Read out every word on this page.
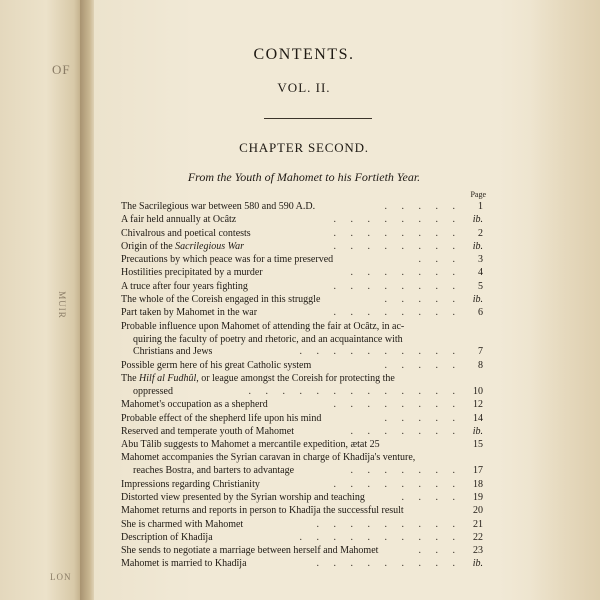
OF
MUIR
LON
CONTENTS.
VOL. II.
CHAPTER SECOND.
From the Youth of Mahomet to his Fortieth Year.
Page
The Sacrilegious war between 580 and 590 A.D.	. . . . .	1
A fair held annually at Ocâtz	. . . . . . . .	ib.
Chivalrous and poetical contests	. . . . . . . .	2
Origin of the Sacrilegious War	. . . . . . . .	ib.
Precautions by which peace was for a time preserved	. . .	3
Hostilities precipitated by a murder	. . . . . . .	4
A truce after four years fighting	. . . . . . . .	5
The whole of the Coreish engaged in this struggle	. . . . .	ib.
Part taken by Mahomet in the war	. . . . . . . .	6
Probable influence upon Mahomet of attending the fair at Ocâtz, in ac-
quiring the faculty of poetry and rhetoric, and an acquaintance with
Christians and Jews	. . . . . . . . . .	7
Possible germ here of his great Catholic system	. . . . .	8
The Hilf al Fudhûl, or league amongst the Coreish for protecting the
oppressed	. . . . . . . . . . . . .	10
Mahomet's occupation as a shepherd	. . . . . . . .	12
Probable effect of the shepherd life upon his mind	. . . . .	14
Reserved and temperate youth of Mahomet	. . . . . . .	ib.
Abu Tâlib suggests to Mahomet a mercantile expedition, ætat 25	15
Mahomet accompanies the Syrian caravan in charge of Khadîja's venture,
reaches Bostra, and barters to advantage	. . . . . . .	17
Impressions regarding Christianity	. . . . . . . .	18
Distorted view presented by the Syrian worship and teaching	. . . .	19
Mahomet returns and reports in person to Khadîja the successful result	20
She is charmed with Mahomet	. . . . . . . . .	21
Description of Khadîja	. . . . . . . . . .	22
She sends to negotiate a marriage between herself and Mahomet	. . .	23
Mahomet is married to Khadîja	. . . . . . . . .	ib.
